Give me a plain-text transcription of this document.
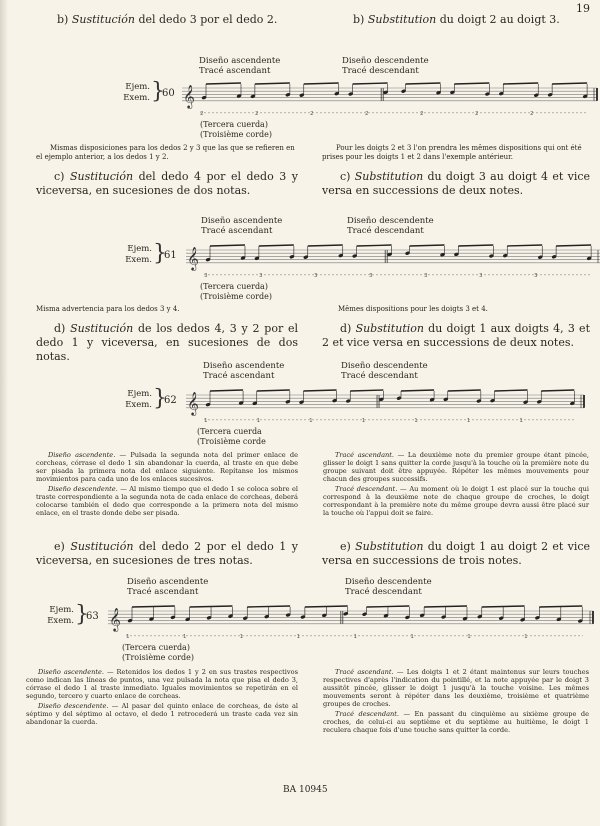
19
b) Sustitución del dedo 3 por el dedo 2.	b) Substitution du doigt 2 au doigt 3.
Diseño ascendente
Tracé ascendant
Diseño descendente
Tracé descendant
Ejem.
Exem. }
60 𝄞
2	2	2	2	2	2	2
(Tercera cuerda)
(Troisième corde)
Mismas disposiciones para los dedos 2 y 3 que las que se refieren en el ejemplo anterior, a los dedos 1 y 2.
Pour les doigts 2 et 3 l'on prendra les mêmes dispositions qui ont été prises pour les doigts 1 et 2 dans l'exemple antérieur.
c) Sustitución del dedo 4 por el dedo 3 y viceversa, en sucesiones de dos notas.
c) Substitution du doigt 3 au doigt 4 et vice versa en successions de deux notes.
Diseño ascendente
Tracé ascendant
Diseño descendente
Tracé descendant
Ejem.
Exem. }
61 𝄞
3	3	3	3	3	3	3
(Tercera cuerda)
(Troisième corde)
Misma advertencia para los dedos 3 y 4.	Mêmes dispositions pour les doigts 3 et 4.
d) Sustitución de los dedos 4, 3 y 2 por el dedo 1 y viceversa, en sucesiones de dos notas.
d) Substitution du doigt 1 aux doigts 4, 3 et 2 et vice versa en successions de deux notes.
Diseño ascendente
Tracé ascendant
Diseño descendente
Tracé descendant
Ejem.
Exem. }
62 𝄞
1	1	1	1	1	1	1
(Tercera cuerda
(Troisième corde

Diseño ascendente. — Pulsada la segunda nota del primer enlace de corcheas, córrase el dedo 1 sin abandonar la cuerda, al traste en que debe ser pisada la primera nota del enlace siguiente. Repítanse los mismos movimientos para cada uno de los enlaces sucesivos.

Diseño descendente. — Al mismo tiempo que el dedo 1 se coloca sobre el traste correspondiente a la segunda nota de cada enlace de corcheas, deberá colocarse también el dedo que corresponde a la primera nota del mismo enlace, en el traste donde debe ser pisada.

Tracé ascendant. — La deuxième note du premier groupe étant pincée, glisser le doigt 1 sans quitter la corde jusqu'à la touche où la première note du groupe suivant doit être appuyée. Répéter les mêmes mouvements pour chacun des groupes successifs.

Tracé descendant. — Au moment où le doigt 1 est placé sur la touche qui correspond à la deuxième note de chaque groupe de croches, le doigt correspondant à la première note du même groupe devra aussi être placé sur la touche où l'appui doit se faire.

e) Sustitución del dedo 2 por el dedo 1 y viceversa, en sucesiones de tres notas.
e) Substitution du doigt 1 au doigt 2 et vice versa en successions de trois notes.
Diseño ascendente
Tracé ascendant
Diseño descendente
Tracé descendant
Ejem.
Exem. }
63 𝄞
1	1	1	1	1	1	1	1
(Tercera cuerda)
(Troisième corde)

Diseño ascendente. — Retenidos los dedos 1 y 2 en sus trastes respectivos como indican las líneas de puntos, una vez pulsada la nota que pisa el dedo 3, córrase el dedo 1 al traste inmediato. Iguales movimientos se repetirán en el segundo, tercero y cuarto enlace de corcheas.

Diseño descendente. — Al pasar del quinto enlace de corcheas, de éste al séptimo y del séptimo al octavo, el dedo 1 retrocederá un traste cada vez sin abandonar la cuerda.

Tracé ascendant. — Les doigts 1 et 2 étant maintenus sur leurs touches respectives d'après l'indication du pointillé, et la note appuyée par le doigt 3 aussitôt pincée, glisser le doigt 1 jusqu'à la touche voisine. Les mêmes mouvements seront à répéter dans les deuxième, troisième et quatrième groupes de croches.

Tracé descendant. — En passant du cinquième au sixième groupe de croches, de celui-ci au septième et du septième au huitième, le doigt 1 reculera chaque fois d'une touche sans quitter la corde.

BA 10945
